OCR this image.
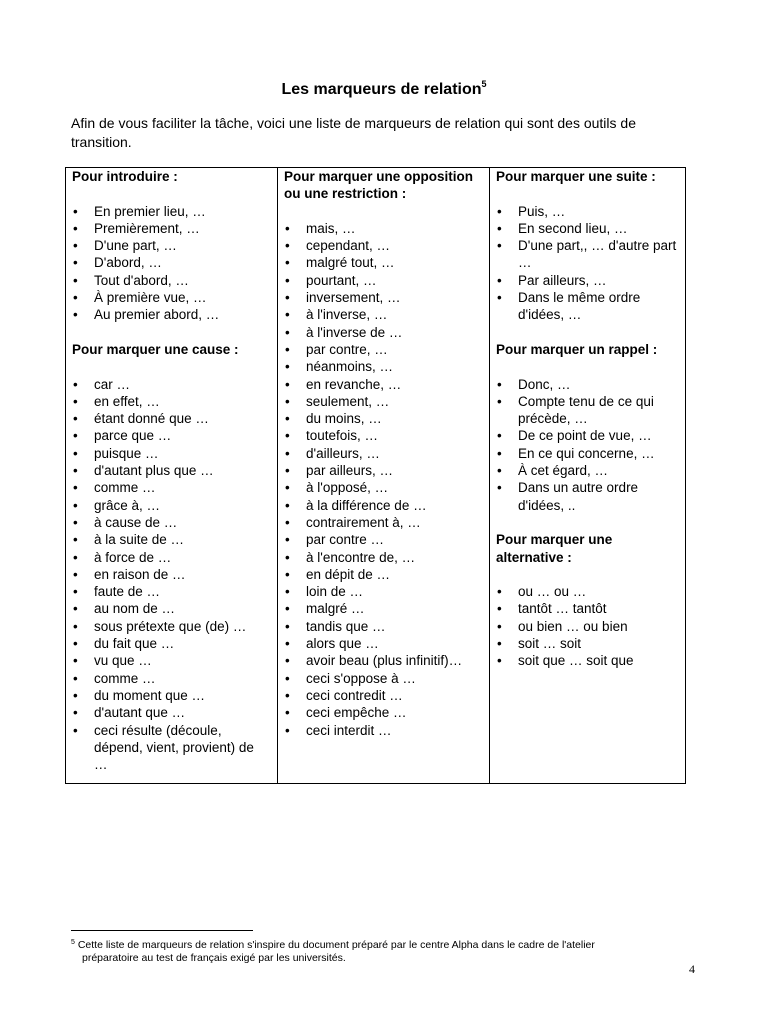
Les marqueurs de relation$^5$
Afin de vous faciliter la tâche, voici une liste de marqueurs de relation qui sont des outils de transition.

Pour introduire :

• En premier lieu, …
• Premièrement, …
• D'une part, …
• D'abord, …
• Tout d'abord, …
• À première vue, …
• Au premier abord, …

Pour marquer une cause :

• car …
• en effet, …
• étant donné que …
• parce que …
• puisque …
• d'autant plus que …
• comme …
• grâce à, …
• à cause de …
• à la suite de …
• à force de …
• en raison de …
• faute de …
• au nom de …
• sous prétexte que (de) …
• du fait que …
• vu que …
• comme …
• du moment que …
• d'autant que …
• ceci résulte (découle, dépend, vient, provient) de …

Pour marquer une opposition ou une restriction :

• mais, …
• cependant, …
• malgré tout, …
• pourtant, …
• inversement, …
• à l'inverse, …
• à l'inverse de …
• par contre, …
• néanmoins, …
• en revanche, …
• seulement, …
• du moins, …
• toutefois, …
• d'ailleurs, …
• par ailleurs, …
• à l'opposé, …
• à la différence de …
• contrairement à, …
• par contre …
• à l'encontre de, …
• en dépit de …
• loin de …
• malgré …
• tandis que …
• alors que …
• avoir beau (plus infinitif)…
• ceci s'oppose à …
• ceci contredit …
• ceci empêche …
• ceci interdit …

Pour marquer une suite :

• Puis, …
• En second lieu, …
• D'une part,, … d'autre part …
• Par ailleurs, …
• Dans le même ordre d'idées, …

Pour marquer un rappel :

• Donc, …
• Compte tenu de ce qui précède, …
• De ce point de vue, …
• En ce qui concerne, …
• À cet égard, …
• Dans un autre ordre d'idées, ..

Pour marquer une alternative :

• ou … ou …
• tantôt … tantôt
• ou bien … ou bien
• soit … soit
• soit que … soit que
$^5$ Cette liste de marqueurs de relation s'inspire du document préparé par le centre Alpha dans le cadre de l'atelier
préparatoire au test de français exigé par les universités.
4
